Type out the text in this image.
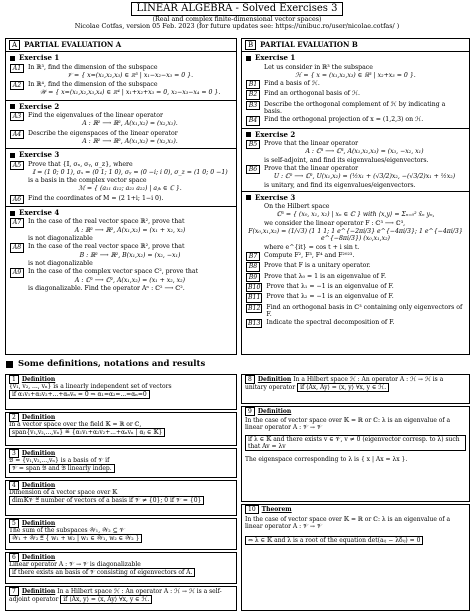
LINEAR ALGEBRA - Solved Exercises 3
(Real and complex finite-dimensional vector spaces)
Nicolae Cotfas, version 05 Feb. 2023 (for future updates see: https://unibuc.ro/user/nicolae.cotfas/ )
A	PARTIAL EVALUATION A
Exercise 1
A1	In ℝ³, find the dimension of the subspace
𝒱 = { x=(x₁,x₂,x₃) ∈ ℝ³ | x₁−x₂−x₃ = 0 }.
A2	In ℝ⁴, find the dimension of the subspace
𝒲 = { x=(x₁,x₂,x₃,x₄) ∈ ℝ⁴ | x₁+x₂+x₃ = 0, x₂−x₃−x₄ = 0 }.
Exercise 2
A3	Find the eigenvalues of the linear operator
A : ℝ² ⟶ ℝ², A(x₁,x₂) = (x₂,x₁).
A4	Describe the eigenspaces of the linear operator
A : ℝ² ⟶ ℝ², A(x₁,x₂) = (x₂,x₁).
Exercise 3
A5	Prove that {𝕀, σₓ, σᵧ, σ_z}, where
𝕀 = (1 0; 0 1), σₓ = (0 1; 1 0), σᵧ = (0 −i; i 0), σ_z = (1 0; 0 −1)
is a basis in the complex vector space
ℳ = { (a₁₁ a₁₂; a₂₁ a₂₂) | aⱼₖ ∈ ℂ }.
A6	Find the coordinates of M = (2 1+i; 1−i 0).
Exercise 4
A7	In the case of the real vector space ℝ², prove that
A : ℝ² ⟶ ℝ², A(x₁,x₂) = (x₁ + x₂, x₂)
is not diagonalizable
A8	In the case of the real vector space ℝ², prove that
B : ℝ² ⟶ ℝ², B(x₁,x₂) = (x₂, −x₁)
is not diagonalizable
A9	In the case of the complex vector space ℂ², prove that
A : ℂ² ⟶ ℂ², A(x₁,x₂) = (x₁ + x₂, x₂)
is diagonalizable. Find the operator Aⁿ : ℂ² ⟶ ℂ².
B	PARTIAL EVALUATION B
Exercise 1
Let us consider in ℝ³ the subspace
ℋ = { x = (x₁,x₂,x₃) ∈ ℝ³ | x₂+x₃ = 0 }.
B1	Find a basis of ℋ.
B2	Find an orthogonal basis of ℋ.
B3	Describe the orthogonal complement of ℋ by indicating a basis.
B4	Find the orthogonal projection of x = (1,2,3) on ℋ.
Exercise 2
B5	Prove that the linear operator
A : ℂ³ ⟶ ℂ³, A(x₁,x₂,x₃) = (x₃, −x₂, x₁)
is self-adjoint, and find its eigenvalues/eigenvectors.
B6	Prove that the linear operator
U : ℂ² ⟶ ℂ², U(x₁,x₂) = (½x₁ + (√3/2)x₂, −(√3/2)x₁ + ½x₂)
is unitary, and find its eigenvalues/eigenvectors.
Exercise 3
On the Hilbert space
ℂ³ = { (x₀, x₁, x₂) | xₙ ∈ ℂ } with ⟨x,y⟩ = Σₙ₌₀² x̄ₙ yₙ,
we consider the linear operator F : ℂ³ ⟶ ℂ³,
F(x₀,x₁,x₂) = (1/√3) (1 1 1; 1 e^{−2πi/3} e^{−4πi/3}; 1 e^{−4πi/3} e^{−8πi/3}) (x₀,x₁,x₂)
where e^{it} = cos t + i sin t.
B7	Compute F², F³, F⁴ and F²⁰²³.
B8	Prove that F is a unitary operator.
B9	Prove that λ₀ = 1 is an eigenvalue of F.
B10 Prove that λ₁ = −1 is an eigenvalue of F.
B11 Prove that λ₂ = −1 is an eigenvalue of F.
B12 Find an orthogonal basis in ℂ³ containing only eigenvectors of F.
B13 Indicate the spectral decomposition of F.
Some definitions, notations and results
1 Definition
{v₁, v₂, ..., vₙ} is a linearly independent set of vectors
if α₁v₁+α₂v₂+...+αₙvₙ = 0 ⇒ α₁=α₂=...=αₙ=0
2 Definition
In a vector space over the field 𝕂 = ℝ or ℂ,
span{v₁,v₂,...,vₙ} ≝ {α₁v₁+α₂v₂+...+αₙvₙ | αⱼ ∈ 𝕂}
3 Definition
𝔅 = {v₁,v₂,...,vₙ} is a basis of 𝒱 if
𝒱 = span 𝔅 and 𝔅 linearly indep.
4 Definition
Dimension of a vector space over 𝕂
dim𝕂𝒱 ≝ number of vectors of a basis if 𝒱 ≠ {0}; 0 if 𝒱 = {0}
5 Definition
The sum of the subspaces 𝒲₁, 𝒲₂ ⊆ 𝒱
𝒲₁ + 𝒲₂ ≝ { w₁ + w₂ | w₁ ∈ 𝒲₁, w₂ ∈ 𝒲₂ }
6 Definition
Linear operator A : 𝒱 → 𝒱 is diagonalizable
if there exists an basis of 𝒱 consisting of eigenvectors of A.
7 Definition In a Hilbert space ℋ : An operator A : ℋ → ℋ is a self-adjoint operator if ⟨Ax, y⟩ = ⟨x, Ay⟩ ∀x, y ∈ ℋ.
8 Definition In a Hilbert space ℋ : An operator A : ℋ → ℋ is a unitary operator if ⟨Ax, Ay⟩ = ⟨x, y⟩ ∀x, y ∈ ℋ.
9 Definition
In the case of vector space over 𝕂 = ℝ or ℂ: λ is an eigenvalue of a linear operator A : 𝒱 → 𝒱
if λ ∈ 𝕂 and there exists v ∈ 𝒱, v ≠ 0 (eigenvector corresp. to λ) such that Av = λv
The eigenspace corresponding to λ is { x | Ax = λx }.
10 Theorem
In the case of vector space over 𝕂 = ℝ or ℂ: λ is an eigenvalue of a linear operator A : 𝒱 → 𝒱
⇔ λ ∈ 𝕂 and λ is a root of the equation det(aᵢⱼ − λδᵢⱼ) = 0
